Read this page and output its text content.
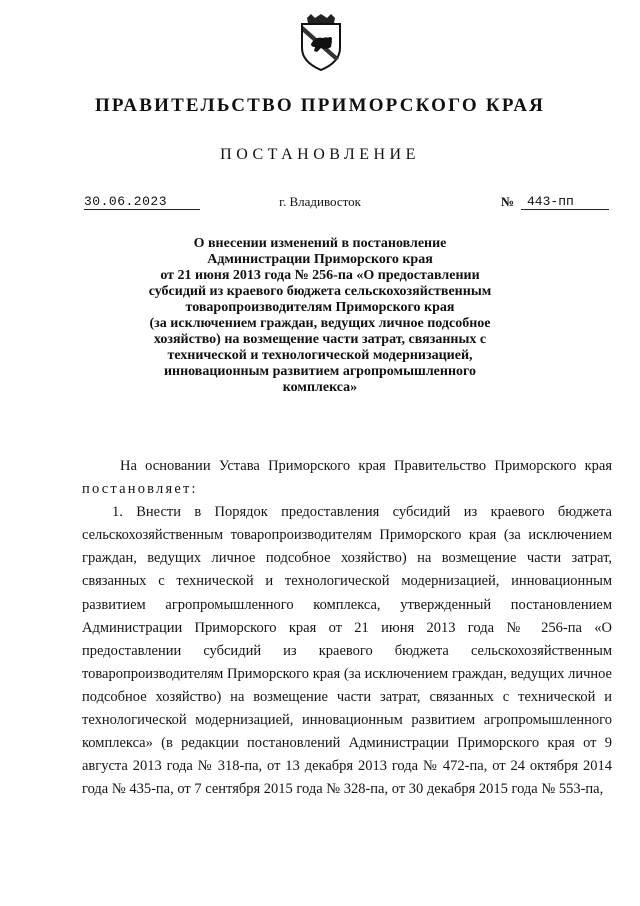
ПРАВИТЕЛЬСТВО ПРИМОРСКОГО КРАЯ
ПОСТАНОВЛЕНИЕ
30.06.2023	г. Владивосток	№ 443-пп
О внесении изменений в постановление
Администрации Приморского края
от 21 июня 2013 года № 256-па «О предоставлении
субсидий из краевого бюджета сельскохозяйственным
товаропроизводителям Приморского края
(за исключением граждан, ведущих личное подсобное
хозяйство) на возмещение части затрат, связанных с
технической и технологической модернизацией,
инновационным развитием агропромышленного
комплекса»

На основании Устава Приморского края Правительство Приморского края постановляет:

1. Внести в Порядок предоставления субсидий из краевого бюджета сельскохозяйственным товаропроизводителям Приморского края (за исключением граждан, ведущих личное подсобное хозяйство) на возмещение части затрат, связанных с технической и технологической модернизацией, инновационным развитием агропромышленного комплекса, утвержденный постановлением Администрации Приморского края от 21 июня 2013 года № 256-па «О предоставлении субсидий из краевого бюджета сельскохозяйственным товаропроизводителям Приморского края (за исключением граждан, ведущих личное подсобное хозяйство) на возмещение части затрат, связанных с технической и технологической модернизацией, инновационным развитием агропромышленного комплекса» (в редакции постановлений Администрации Приморского края от 9 августа 2013 года № 318-па, от 13 декабря 2013 года № 472-па, от 24 октября 2014 года № 435-па, от 7 сентября 2015 года № 328-па, от 30 декабря 2015 года № 553-па,
